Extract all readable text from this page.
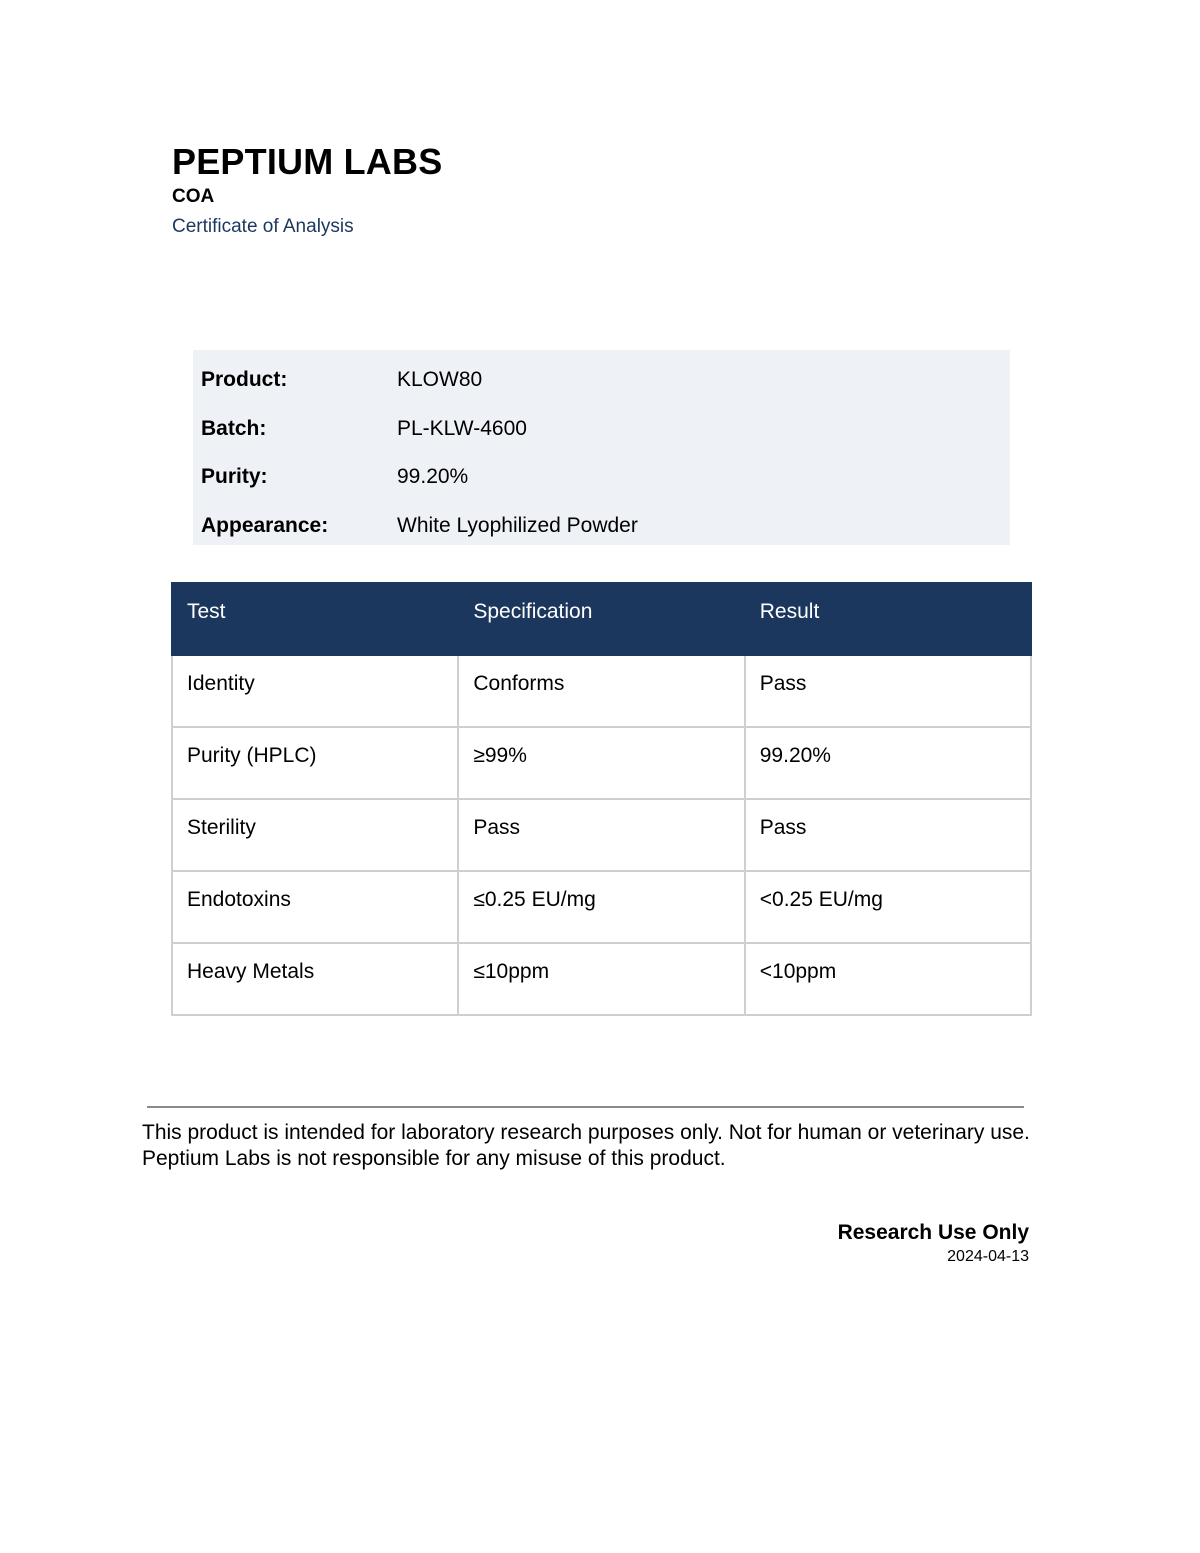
PEPTIUM LABS
COA
Certificate of Analysis
Product:	KLOW80
Batch:	PL-KLW-4600
Purity:	99.20%
Appearance:	White Lyophilized Powder
Test	Specification	Result
Identity	Conforms	Pass
Purity (HPLC)	≥99%	99.20%
Sterility	Pass	Pass
Endotoxins	≤0.25 EU/mg	<0.25 EU/mg
Heavy Metals	≤10ppm	<10ppm
This product is intended for laboratory research purposes only. Not for human or veterinary use. Peptium Labs is not responsible for any misuse of this product.
Research Use Only
2024-04-13
